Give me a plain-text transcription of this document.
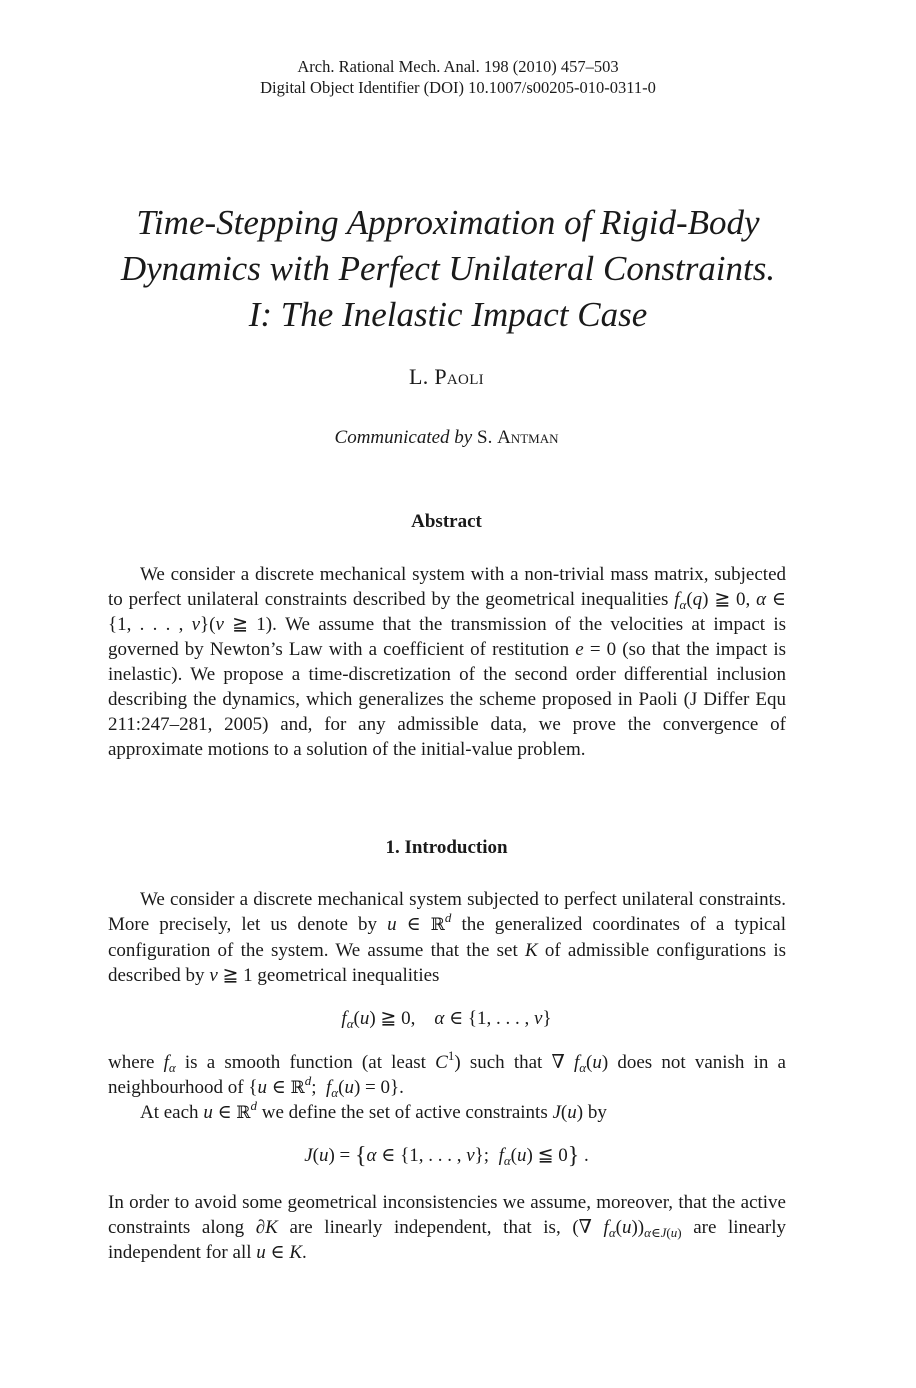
Arch. Rational Mech. Anal. 198 (2010) 457–503
Digital Object Identifier (DOI) 10.1007/s00205-010-0311-0
Time-Stepping Approximation of Rigid-Body
Dynamics with Perfect Unilateral Constraints.
I: The Inelastic Impact Case
L. Paoli
Communicated by S. Antman
Abstract
We consider a discrete mechanical system with a non-trivial mass matrix, subjected to perfect unilateral constraints described by the geometrical inequalities $f_\alpha(q)$ ≧ 0, α ∈ {1, . . . , ν}(ν ≧ 1). We assume that the transmission of the velocities at impact is governed by Newton’s Law with a coefficient of restitution e = 0 (so that the impact is inelastic). We propose a time-discretization of the second order differential inclusion describing the dynamics, which generalizes the scheme proposed in Paoli (J Differ Equ 211:247–281, 2005) and, for any admissible data, we prove the convergence of approximate motions to a solution of the initial-value problem.
1. Introduction
We consider a discrete mechanical system subjected to perfect unilateral constraints. More precisely, let us denote by u ∈ ℝ$^d$ the generalized coordinates of a typical configuration of the system. We assume that the set K of admissible configurations is described by ν ≧ 1 geometrical inequalities
$f_\alpha(u)$ ≧ 0,    α ∈ {1, . . . , ν}
where $f_\alpha$ is a smooth function (at least $C^1$) such that ∇ $f_\alpha(u)$ does not vanish in a neighbourhood of {u ∈ ℝ$^d$;  $f_\alpha(u) = 0$}.
At each u ∈ ℝ$^d$ we define the set of active constraints J(u) by
J(u) = {α ∈ {1, . . . , ν};  $f_\alpha(u)$ ≦ 0} .
In order to avoid some geometrical inconsistencies we assume, moreover, that the active constraints along ∂K are linearly independent, that is, (∇ $f_\alpha(u))_{\alpha\in J(u)}$ are linearly independent for all u ∈ K.
